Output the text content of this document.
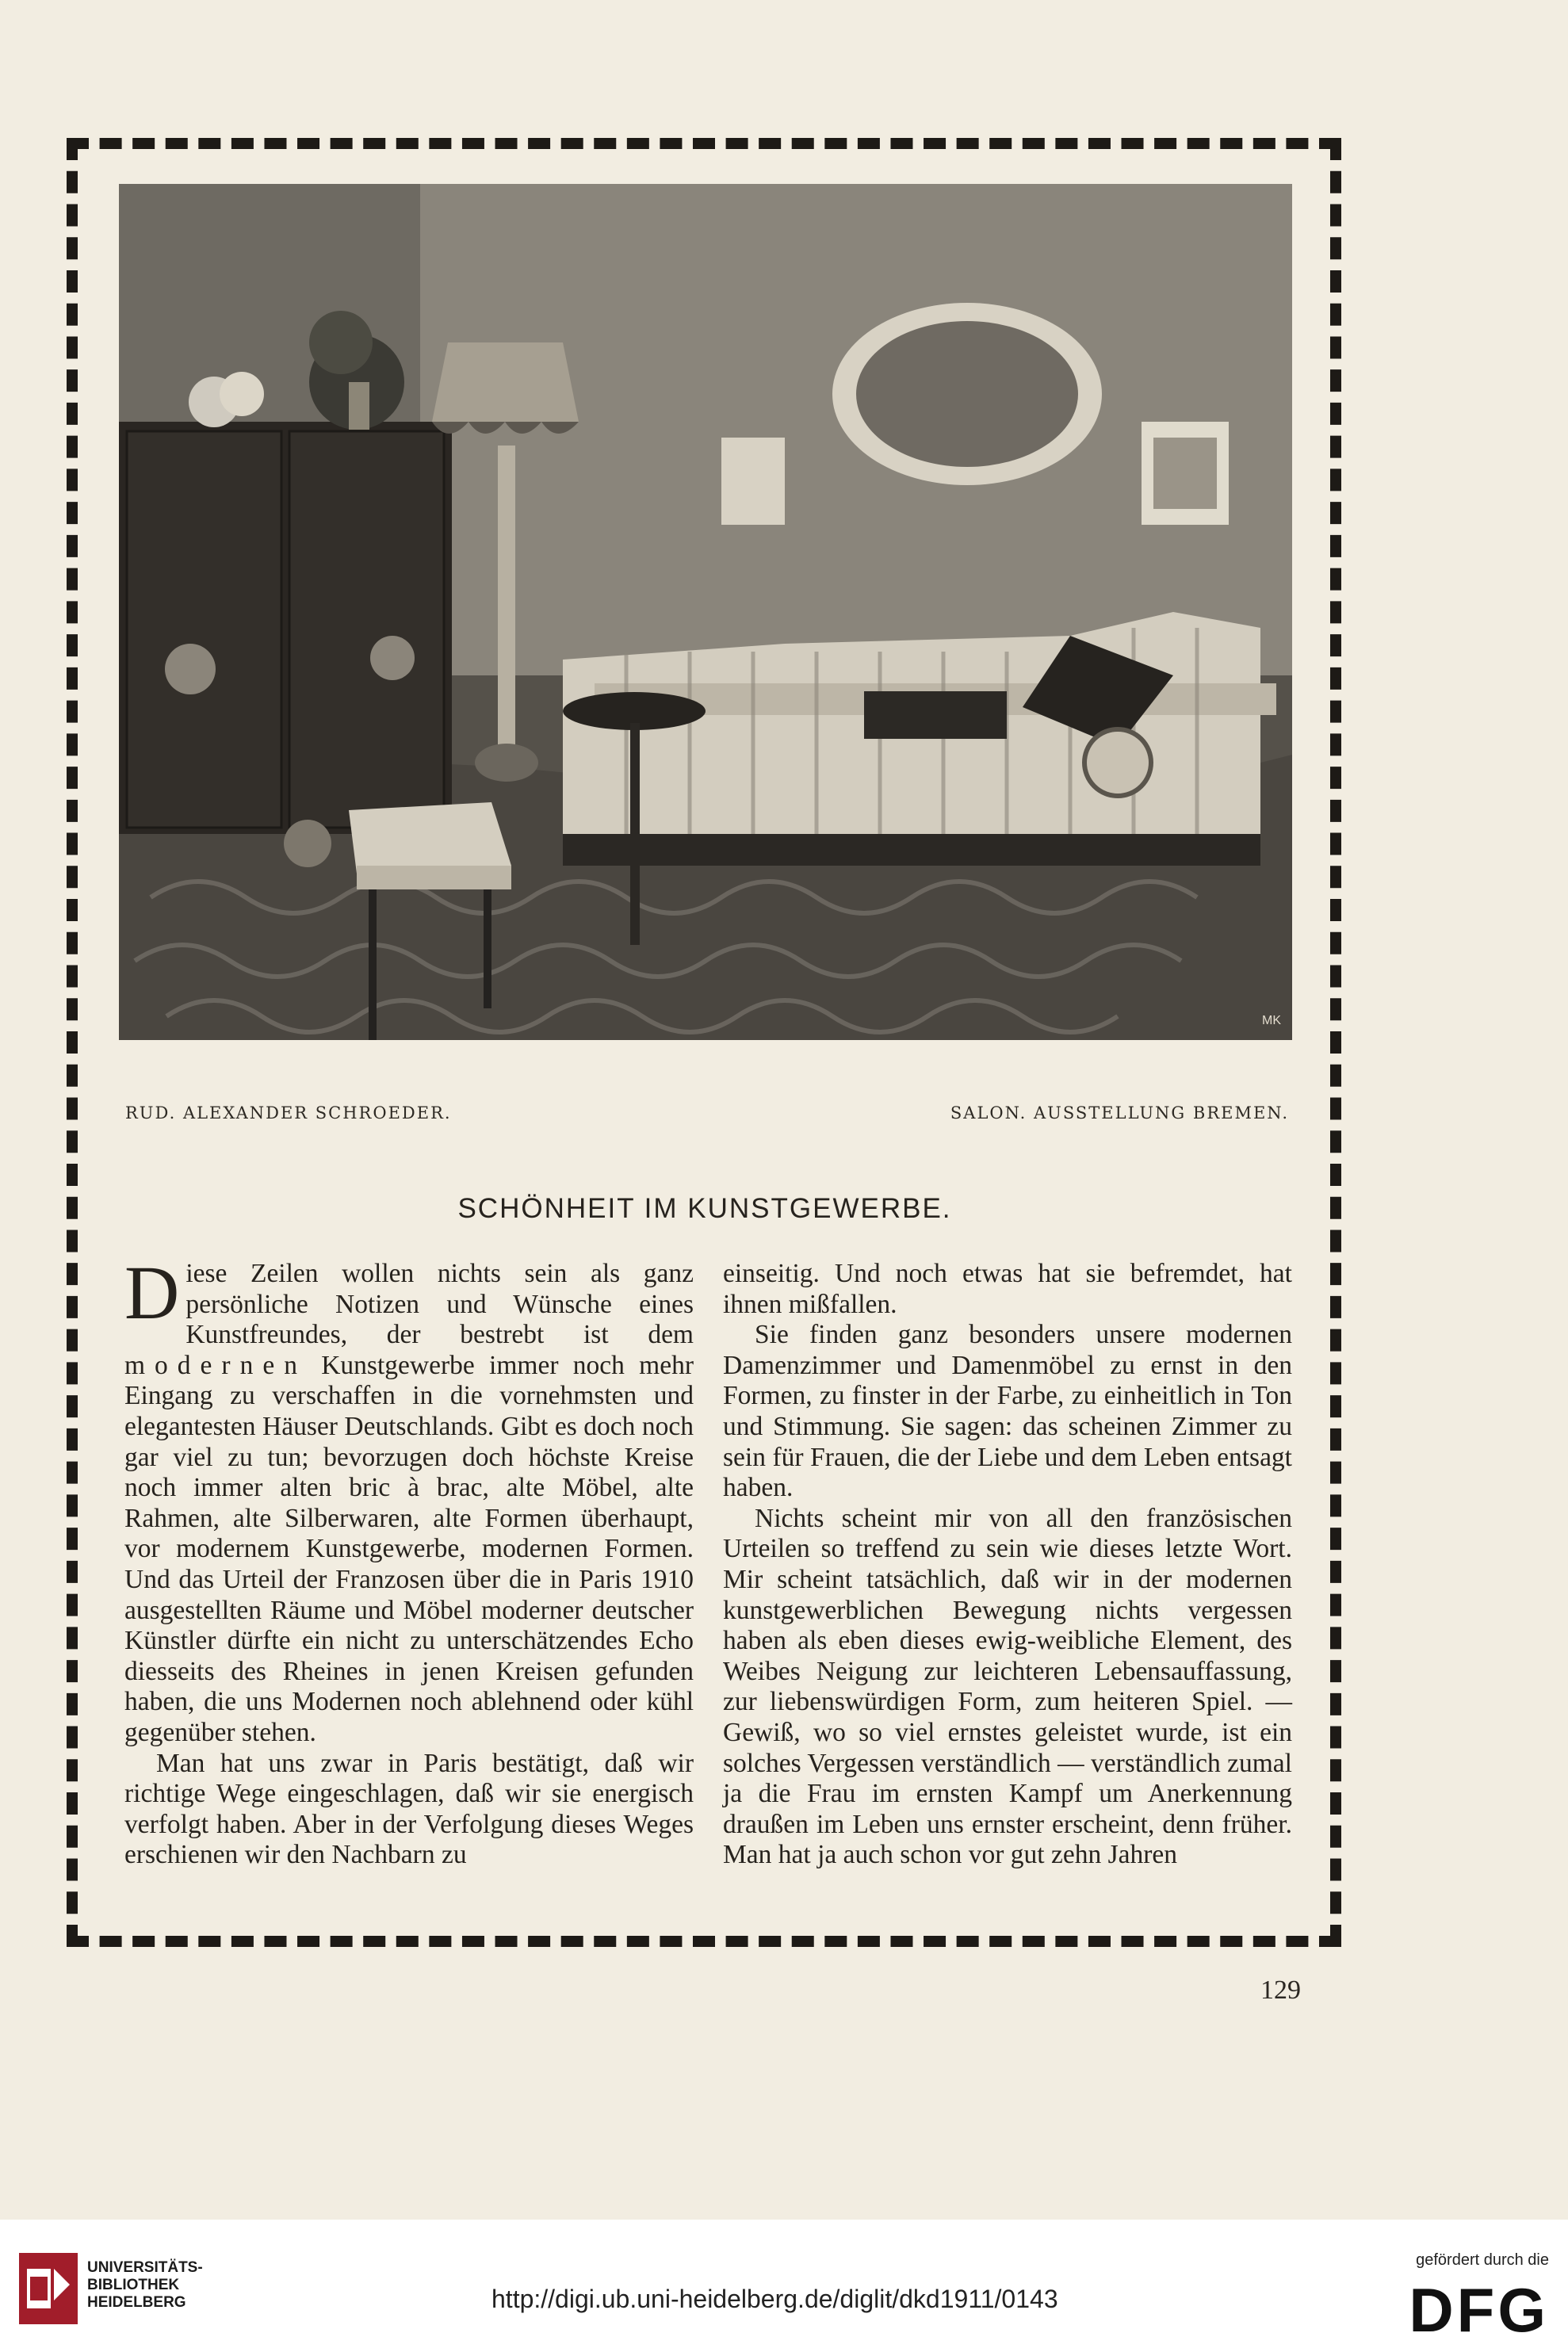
MK
RUD. ALEXANDER SCHROEDER.	SALON. AUSSTELLUNG BREMEN.
SCHÖNHEIT IM KUNSTGEWERBE.

Diese Zeilen wollen nichts sein als ganz persönliche Notizen und Wünsche eines Kunstfreundes, der bestrebt ist dem modernen Kunstgewerbe immer noch mehr Eingang zu verschaffen in die vornehmsten und elegantesten Häuser Deutschlands. Gibt es doch noch gar viel zu tun; bevorzugen doch höchste Kreise noch immer alten bric à brac, alte Möbel, alte Rahmen, alte Silberwaren, alte Formen überhaupt, vor modernem Kunstgewerbe, modernen Formen. Und das Urteil der Franzosen über die in Paris 1910 ausgestellten Räume und Möbel moderner deutscher Künstler dürfte ein nicht zu unterschätzendes Echo diesseits des Rheines in jenen Kreisen gefunden haben, die uns Modernen noch ablehnend oder kühl gegenüber stehen.

Man hat uns zwar in Paris bestätigt, daß wir richtige Wege eingeschlagen, daß wir sie energisch verfolgt haben. Aber in der Verfolgung dieses Weges erschienen wir den Nachbarn zu

einseitig. Und noch etwas hat sie befremdet, hat ihnen mißfallen.

Sie finden ganz besonders unsere modernen Damenzimmer und Damenmöbel zu ernst in den Formen, zu finster in der Farbe, zu einheitlich in Ton und Stimmung. Sie sagen: das scheinen Zimmer zu sein für Frauen, die der Liebe und dem Leben entsagt haben.

Nichts scheint mir von all den französischen Urteilen so treffend zu sein wie dieses letzte Wort. Mir scheint tatsächlich, daß wir in der modernen kunstgewerblichen Bewegung nichts vergessen haben als eben dieses ewig-weibliche Element, des Weibes Neigung zur leichteren Lebensauffassung, zur liebenswürdigen Form, zum heiteren Spiel. — Gewiß, wo so viel ernstes geleistet wurde, ist ein solches Vergessen verständlich — verständlich zumal ja die Frau im ernsten Kampf um Anerkennung draußen im Leben uns ernster erscheint, denn früher. Man hat ja auch schon vor gut zehn Jahren

129
UNIVERSITÄTS-
BIBLIOTHEK
HEIDELBERG	http://digi.ub.uni-heidelberg.de/diglit/dkd1911/0143
gefördert durch die
DFG
